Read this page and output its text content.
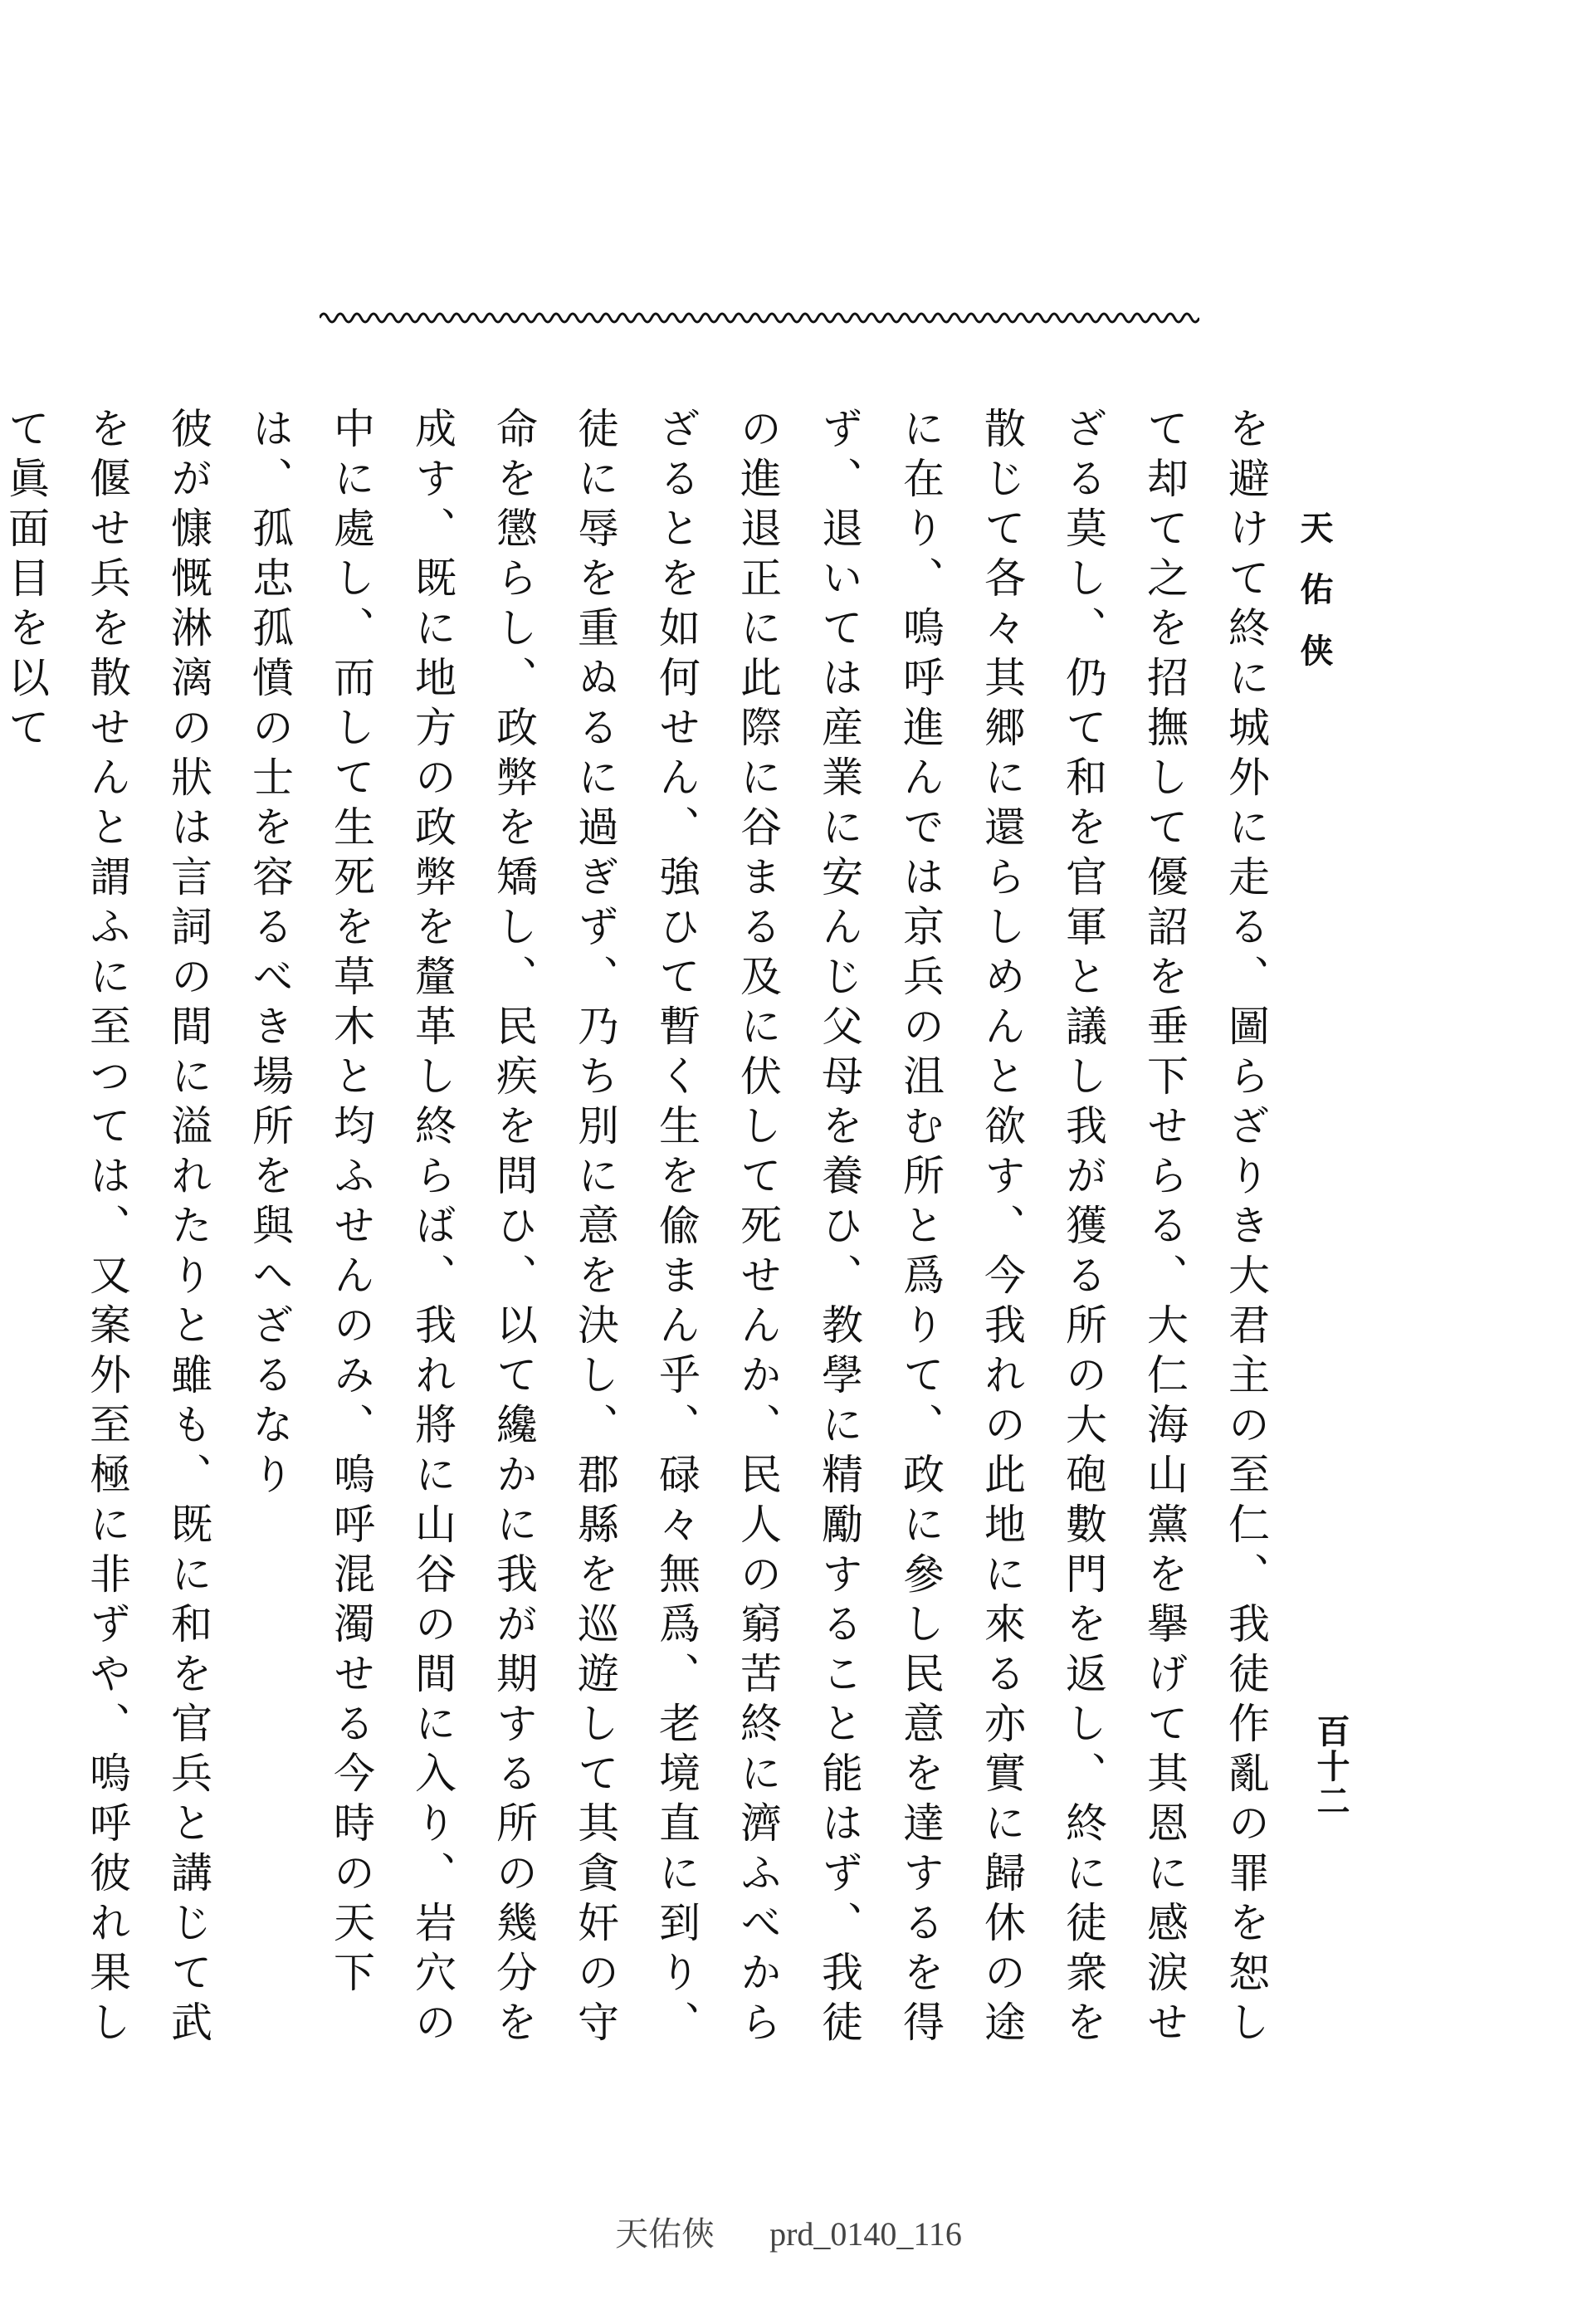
天佑侠
百十二

を避けて終に城外に走る、圖らざりき大君主の至仁、我徒作亂の罪を恕して却て之を招撫して優詔を垂下せらる、大仁海山黨を擧げて其恩に感涙せざる莫し、仍て和を官軍と議し我が獲る所の大砲數門を返し、終に徒衆を散じて各々其郷に還らしめんと欲す、今我れの此地に來る亦實に歸休の途に在り、嗚呼進んでは京兵の沮む所と爲りて、政に參し民意を達するを得ず、退いては産業に安んじ父母を養ひ、教學に精勵すること能はず、我徒の進退正に此際に谷まる及に伏して死せんか、民人の窮苦終に濟ふべからざるとを如何せん、強ひて暫く生を偸まん乎、碌々無爲、老境直に到り、徒に辱を重ぬるに過ぎず、乃ち別に意を決し、郡縣を巡遊して其貪奸の守命を懲らし、政弊を矯し、民疾を問ひ、以て纔かに我が期する所の幾分を成す、既に地方の政弊を釐革し終らば、我れ將に山谷の間に入り、岩穴の中に處し、而して生死を草木と均ふせんのみ、嗚呼混濁せる今時の天下は、孤忠孤憤の士を容るべき場所を與へざるなり

彼が慷慨淋漓の狀は言詞の間に溢れたりと雖も、既に和を官兵と講じて武を偃せ兵を散せんと謂ふに至つては、又案外至極に非ずや、嗚呼彼れ果して眞面目を以て

天佑俠 prd_0140_116
